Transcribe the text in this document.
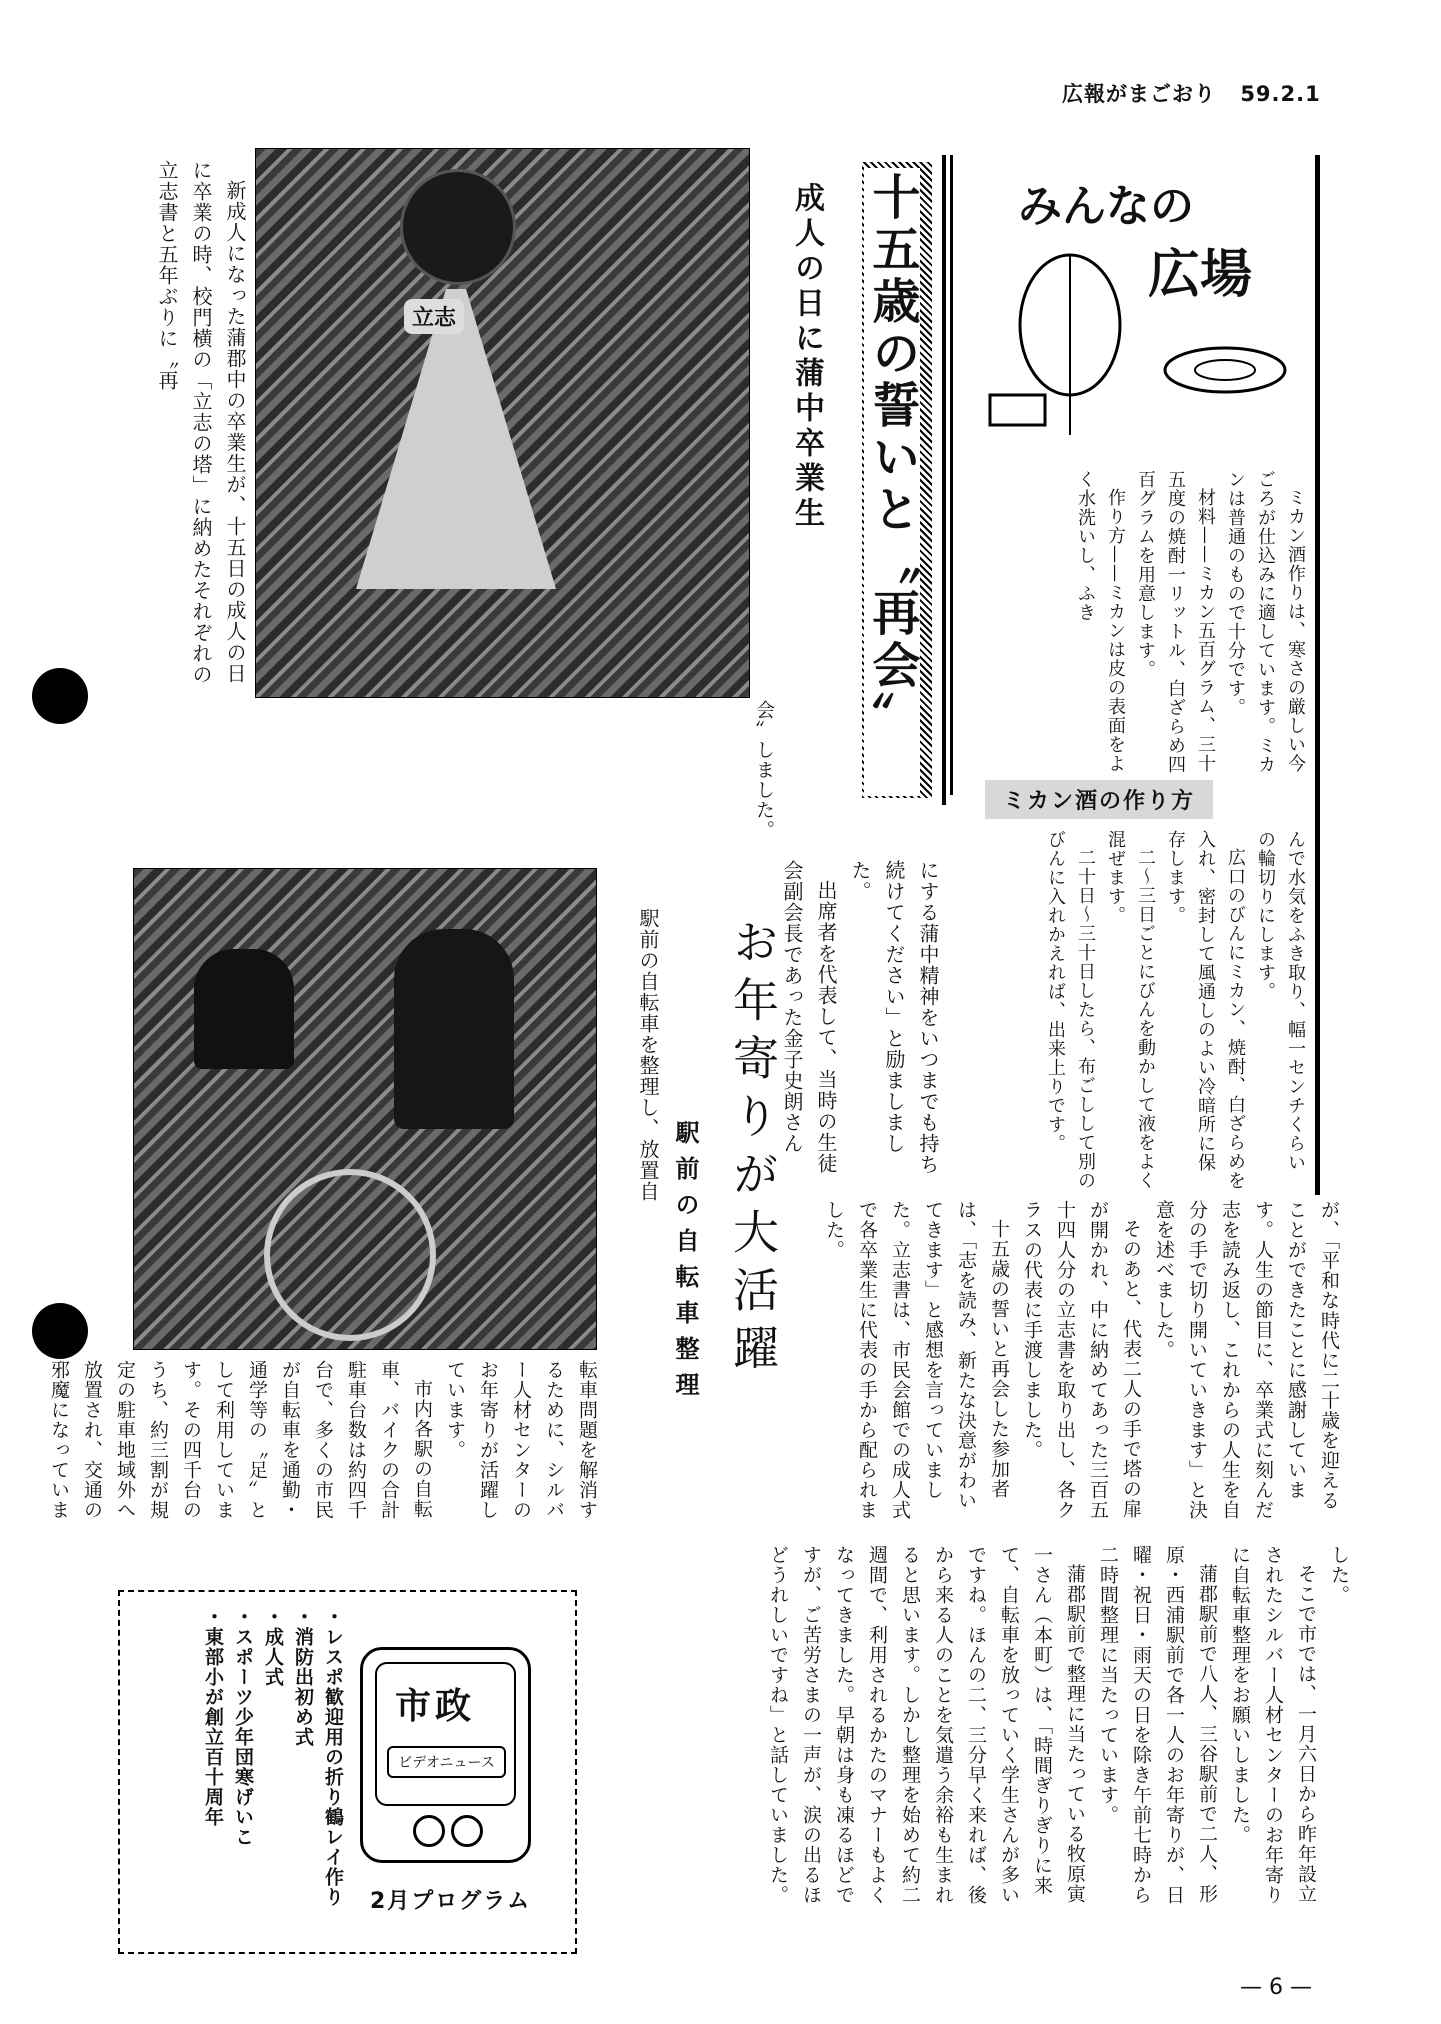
広報がまごおり 59.2.1
立志

新成人になった蒲郡中の卒業生が、十五日の成人の日に卒業の時、校門横の「立志の塔」に納めたそれぞれの立志書と五年ぶりに〝再	十五歳の誓いと〝再会〞
成人の日に蒲中卒業生

会〞しました。

お年寄りが大活躍
駅前の自転車整理

駅前の自転車を整理し、放置自

転車問題を解消するために、シルバー人材センターのお年寄りが活躍しています。

市内各駅の自転車、バイクの合計駐車台数は約四千台で、多くの市民が自転車を通勤・通学等の〝足〞として利用しています。その四千台のうち、約三割が規定の駐車地域外へ放置され、交通の邪魔になっていま

にする蒲中精神をいつまでも持ち続けてください」と励ましました。

出席者を代表して、当時の生徒会副会長であった金子史朗さん

が、「平和な時代に二十歳を迎えることができたことに感謝しています。人生の節目に、卒業式に刻んだ志を読み返し、これからの人生を自分の手で切り開いていきます」と決意を述べました。

そのあと、代表二人の手で塔の扉が開かれ、中に納めてあった三百五十四人分の立志書を取り出し、各クラスの代表に手渡しました。

十五歳の誓いと再会した参加者は、「志を読み、新たな決意がわいてきます」と感想を言っていました。立志書は、市民会館での成人式で各卒業生に代表の手から配られました。

した。

そこで市では、一月六日から昨年設立されたシルバー人材センターのお年寄りに自転車整理をお願いしました。

蒲郡駅前で八人、三谷駅前で二人、形原・西浦駅前で各一人のお年寄りが、日曜・祝日・雨天の日を除き午前七時から二時間整理に当たっています。

蒲郡駅前で整理に当たっている牧原寅一さん（本町）は、「時間ぎりぎりに来て、自転車を放っていく学生さんが多いですね。ほんの二、三分早く来れば、後から来る人のことを気遣う余裕も生まれると思います。しかし整理を始めて約二週間で、利用されるかたのマナーもよくなってきました。早朝は身も凍るほどですが、ご苦労さまの一声が、涙の出るほどうれしいですね」と話していました。

みんなの
広場

ミカン酒作りは、寒さの厳しい今ごろが仕込みに適しています。ミカンは普通のもので十分です。

材料——ミカン五百グラム、三十五度の焼酎一リットル、白ざらめ四百グラムを用意します。

作り方——ミカンは皮の表面をよく水洗いし、ふき

ミカン酒の作り方

んで水気をふき取り、幅一センチくらいの輪切りにします。

広口のびんにミカン、焼酎、白ざらめを入れ、密封して風通しのよい冷暗所に保存します。

二〜三日ごとにびんを動かして液をよく混ぜます。

二十日〜三十日したら、布ごしして別のびんに入れかえれば、出来上りです。

市政
ビデオニュース
2月プログラム
・レスポ歓迎用の折り鶴レイ作り
・消防出初め式
・成人式
・スポーツ少年団寒げいこ
・東部小が創立百十周年
— 6 —
